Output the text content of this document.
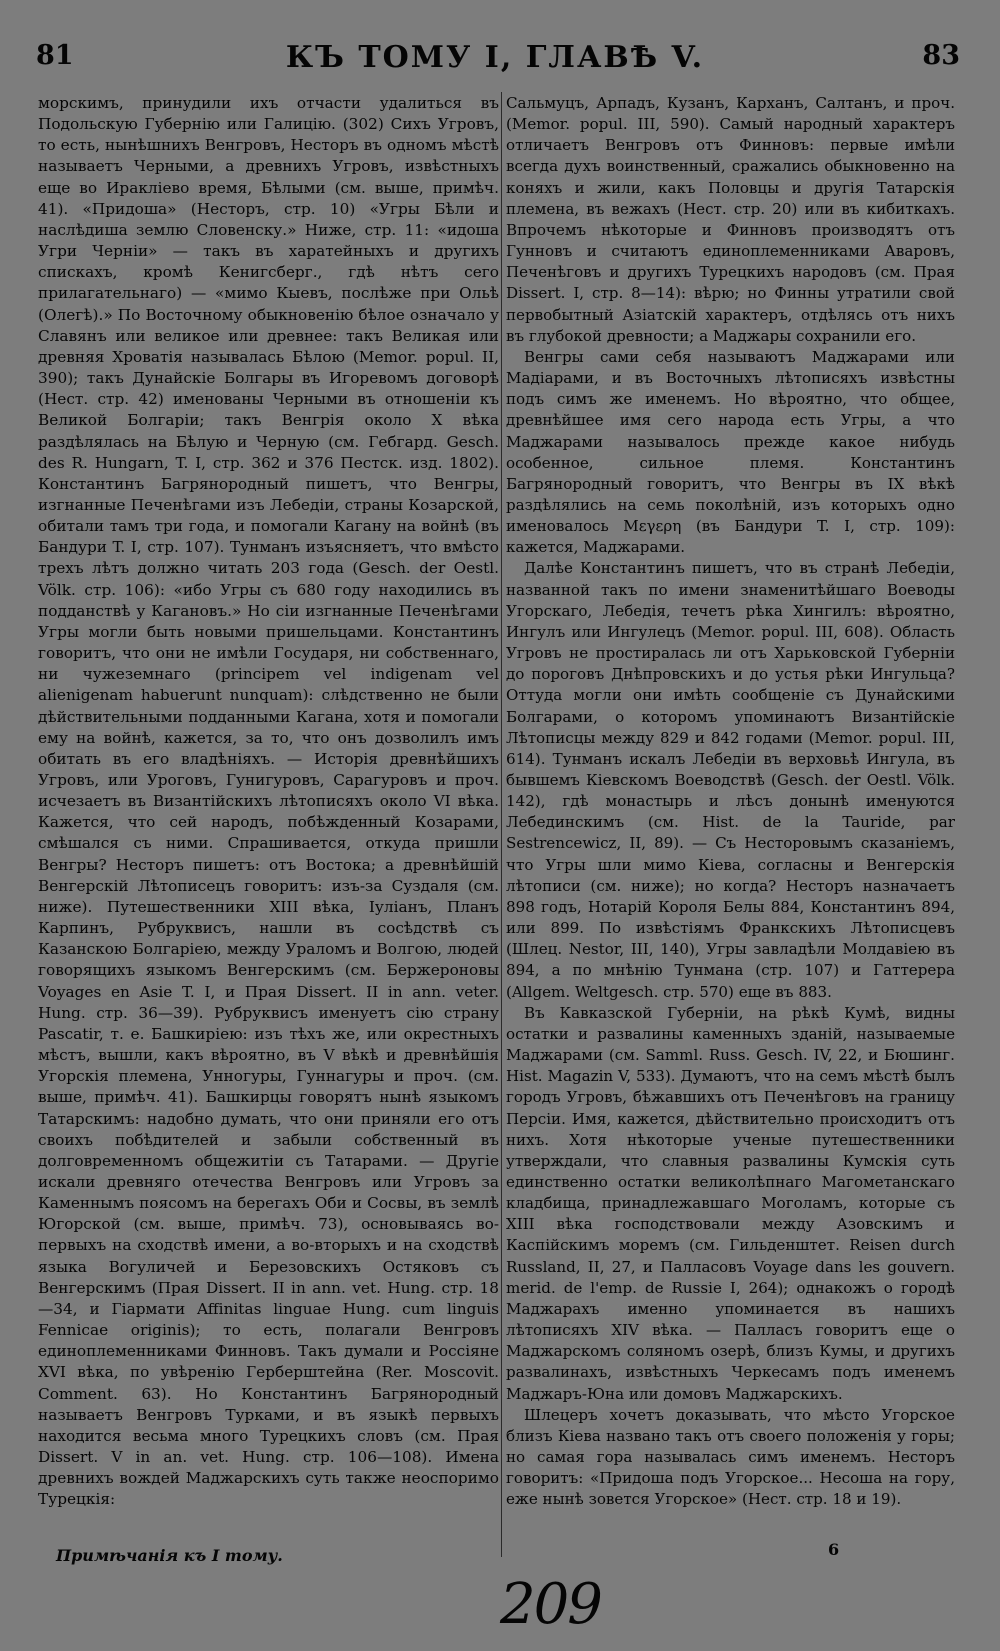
81	КЪ ТОМУ I, ГЛАВѢ V.	83

морскимъ, принудили ихъ отчасти удалиться въ Подольскую Губернію или Галицію. (302) Сихъ Угровъ, то есть, нынѣшнихъ Венгровъ, Несторъ въ одномъ мѣстѣ называетъ Черными, а древнихъ Угровъ, извѣстныхъ еще во Иракліево время, Бѣлыми (см. выше, примѣч. 41). «Придоша» (Несторъ, стр. 10) «Угры Бѣли и наслѣдиша землю Словенску.» Ниже, стр. 11: «идоша Угри Черніи» — такъ въ харатейныхъ и другихъ спискахъ, кромѣ Кенигсберг., гдѣ нѣтъ сего прилагательнаго) — «мимо Кыевъ, послѣже при Ольѣ (Олегѣ).» По Восточному обыкновенію бѣлое означало у Славянъ или великое или древнее: такъ Великая или древняя Хроватія называлась Бѣлою (Memor. popul. II, 390); такъ Дунайскіе Болгары въ Игоревомъ договорѣ (Нест. стр. 42) именованы Черными въ отношеніи къ Великой Болгаріи; такъ Венгрія около X вѣка раздѣлялась на Бѣлую и Черную (см. Гебгард. Gesch. des R. Hungarn, T. I, стр. 362 и 376 Пестск. изд. 1802). Константинъ Багрянородный пишетъ, что Венгры, изгнанные Печенѣгами изъ Лебедіи, страны Козарской, обитали тамъ три года, и помогали Кагану на войнѣ (въ Бандури T. I, стр. 107). Тунманъ изъясняетъ, что вмѣсто трехъ лѣтъ должно читать 203 года (Gesch. der Oestl. Völk. стр. 106): «ибо Угры съ 680 году находились въ подданствѣ у Кагановъ.» Но сіи изгнанные Печенѣгами Угры могли быть новыми пришельцами. Константинъ говоритъ, что они не имѣли Государя, ни собственнаго, ни чужеземнаго (principem vel indigenam vel alienigenam habuerunt nunquam): слѣдственно не были дѣйствительными подданными Кагана, хотя и помогали ему на войнѣ, кажется, за то, что онъ дозволилъ имъ обитать въ его владѣніяхъ. — Исторія древнѣйшихъ Угровъ, или Уроговъ, Гунигуровъ, Сарагуровъ и проч. исчезаетъ въ Византійскихъ лѣтописяхъ около VI вѣка. Кажется, что сей народъ, побѣжденный Козарами, смѣшался съ ними. Спрашивается, откуда пришли Венгры? Несторъ пишетъ: отъ Востока; а древнѣйшій Венгерскій Лѣтописецъ говоритъ: изъ-за Суздаля (см. ниже). Путешественники XIII вѣка, Іуліанъ, Планъ Карпинъ, Рубруквисъ, нашли въ сосѣдствѣ съ Казанскою Болгаріею, между Ураломъ и Волгою, людей говорящихъ языкомъ Венгерскимъ (см. Бержероновы Voyages en Asie T. I, и Прая Dissert. II in ann. veter. Hung. стр. 36—39). Рубруквисъ именуетъ сію страну Pascatir, т. е. Башкиріею: изъ тѣхъ же, или окрестныхъ мѣстъ, вышли, какъ вѣроятно, въ V вѣкѣ и древнѣйшія Угорскія племена, Унногуры, Гуннагуры и проч. (см. выше, примѣч. 41). Башкирцы говорятъ нынѣ языкомъ Татарскимъ: надобно думать, что они приняли его отъ своихъ побѣдителей и забыли собственный въ долговременномъ общежитіи съ Татарами. — Другіе искали древняго отечества Венгровъ или Угровъ за Каменнымъ поясомъ на берегахъ Оби и Сосвы, въ землѣ Югорской (см. выше, примѣч. 73), основываясь во-первыхъ на сходствѣ имени, а во-вторыхъ и на сходствѣ языка Вогуличей и Березовскихъ Остяковъ съ Венгерскимъ (Прая Dissert. II in ann. vet. Hung. стр. 18—34, и Гіармати Affinitas linguae Hung. cum linguis Fennicae originis); то есть, полагали Венгровъ единоплеменниками Финновъ. Такъ думали и Россіяне XVI вѣка, по увѣренію Герберштейна (Rer. Moscovit. Comment. 63). Но Константинъ Багрянородный называетъ Венгровъ Турками, и въ языкѣ первыхъ находится весьма много Турецкихъ словъ (см. Прая Dissert. V in an. vet. Hung. стр. 106—108). Имена древнихъ вождей Маджарскихъ суть также неоспоримо Турецкія:

Сальмуцъ, Арпадъ, Кузанъ, Карханъ, Салтанъ, и проч. (Memor. popul. III, 590). Самый народный характеръ отличаетъ Венгровъ отъ Финновъ: первые имѣли всегда духъ воинственный, сражались обыкновенно на коняхъ и жили, какъ Половцы и другія Татарскія племена, въ вежахъ (Нест. стр. 20) или въ кибиткахъ. Впрочемъ нѣкоторые и Финновъ производятъ отъ Гунновъ и считаютъ единоплеменниками Аваровъ, Печенѣговъ и другихъ Турецкихъ народовъ (см. Прая Dissert. I, стр. 8—14): вѣрю; но Финны утратили свой первобытный Азіатскій характеръ, отдѣлясь отъ нихъ въ глубокой древности; а Маджары сохранили его.

Венгры сами себя называютъ Маджарами или Мадіарами, и въ Восточныхъ лѣтописяхъ извѣстны подъ симъ же именемъ. Но вѣроятно, что общее, древнѣйшее имя сего народа есть Угры, а что Маджарами называлось прежде какое нибудь особенное, сильное племя. Константинъ Багрянородный говоритъ, что Венгры въ IX вѣкѣ раздѣлялись на семь поколѣній, изъ которыхъ одно именовалось Μεγερη (въ Бандури T. I, стр. 109): кажется, Маджарами.

Далѣе Константинъ пишетъ, что въ странѣ Лебедіи, названной такъ по имени знаменитѣйшаго Воеводы Угорскаго, Лебедія, течетъ рѣка Хингилъ: вѣроятно, Ингулъ или Ингулецъ (Memor. popul. III, 608). Область Угровъ не простиралась ли отъ Харьковской Губерніи до пороговъ Днѣпровскихъ и до устья рѣки Ингульца? Оттуда могли они имѣть сообщеніе съ Дунайскими Болгарами, о которомъ упоминаютъ Византійскіе Лѣтописцы между 829 и 842 годами (Memor. popul. III, 614). Тунманъ искалъ Лебедіи въ верховьѣ Ингула, въ бывшемъ Кіевскомъ Воеводствѣ (Gesch. der Oestl. Völk. 142), гдѣ монастырь и лѣсъ донынѣ именуются Лебединскимъ (см. Hist. de la Tauride, par Sestrencewicz, II, 89). — Съ Несторовымъ сказаніемъ, что Угры шли мимо Кіева, согласны и Венгерскія лѣтописи (см. ниже); но когда? Несторъ назначаетъ 898 годъ, Нотарій Короля Белы 884, Константинъ 894, или 899. По извѣстіямъ Франкскихъ Лѣтописцевъ (Шлец. Nestor, III, 140), Угры завладѣли Молдавіею въ 894, а по мнѣнію Тунмана (стр. 107) и Гаттерера (Allgem. Weltgesch. стр. 570) еще въ 883.

Въ Кавказской Губерніи, на рѣкѣ Кумѣ, видны остатки и развалины каменныхъ зданій, называемые Маджарами (см. Samml. Russ. Gesch. IV, 22, и Бюшинг. Hist. Magazin V, 533). Думаютъ, что на семъ мѣстѣ былъ городъ Угровъ, бѣжавшихъ отъ Печенѣговъ на границу Персіи. Имя, кажется, дѣйствительно происходитъ отъ нихъ. Хотя нѣкоторые ученые путешественники утверждали, что славныя развалины Кумскія суть единственно остатки великолѣпнаго Магометанскаго кладбища, принадлежавшаго Моголамъ, которые съ XIII вѣка господствовали между Азовскимъ и Каспійскимъ моремъ (см. Гильденштет. Reisen durch Russland, II, 27, и Палласовъ Voyage dans les gouvern. merid. de l'emp. de Russie I, 264); однакожъ о городѣ Маджарахъ именно упоминается въ нашихъ лѣтописяхъ XIV вѣка. — Палласъ говоритъ еще о Маджарскомъ соляномъ озерѣ, близъ Кумы, и другихъ развалинахъ, извѣстныхъ Черкесамъ подъ именемъ Маджаръ-Юна или домовъ Маджарскихъ.

Шлецеръ хочетъ доказывать, что мѣсто Угорское близъ Кіева названо такъ отъ своего положенія у горы; но самая гора называлась симъ именемъ. Несторъ говоритъ: «Придоша подъ Угорское... Несоша на гору, еже нынѣ зовется Угорское» (Нест. стр. 18 и 19).

Примѣчанія къ I тому.	6
209
